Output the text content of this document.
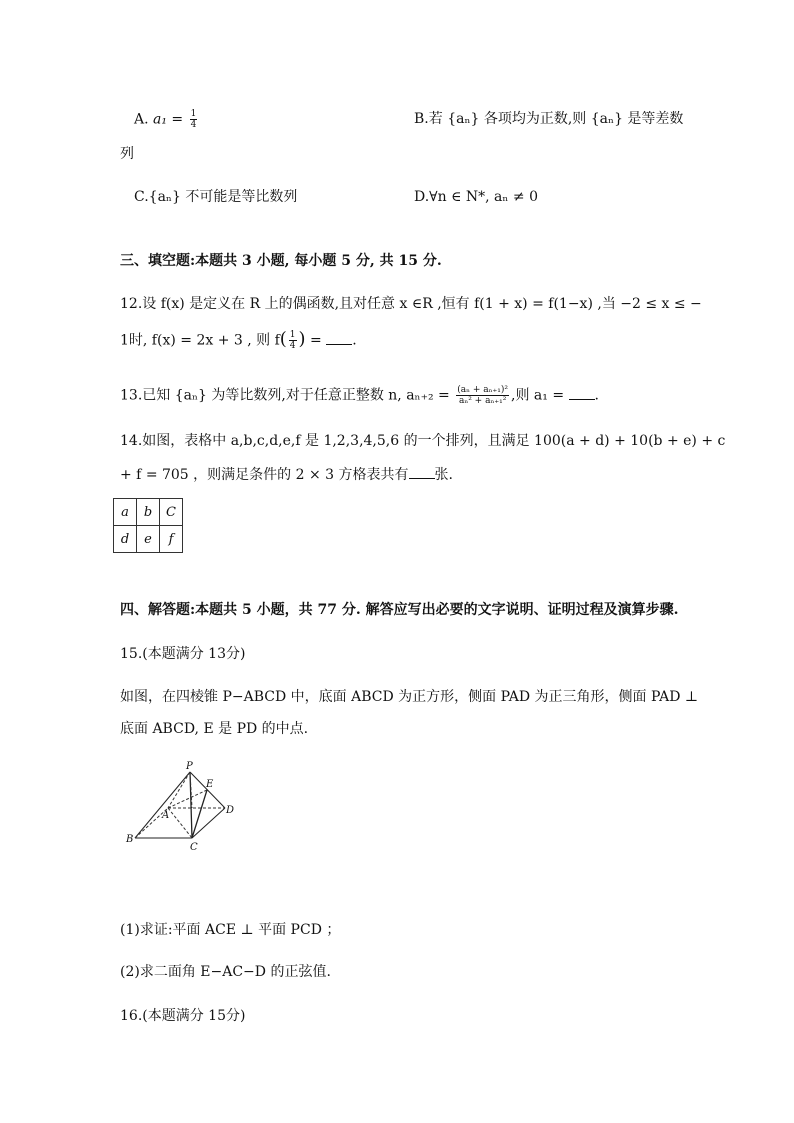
A. $a_1 = \frac{1}{4}$	B.若 {aₙ} 各项均为正数,则 {aₙ} 是等差数
列
C.{aₙ} 不可能是等比数列	D.∀n ∈ N*, aₙ ≠ 0
三、填空题:本题共 3 小题, 每小题 5 分, 共 15 分.
12.设 f(x) 是定义在 R 上的偶函数,且对任意 x ∈R ,恒有 f(1 + x) = f(1−x) ,当 −2 ≤ x ≤ −
1时, f(x) = 2x + 3 , 则 $f( \frac{1}{4}$ ) = .
13.已知 {aₙ} 为等比数列,对于任意正整数 n, $a_{n+2} = \frac{\text{(aₙ + aₙ₊₁)²}}{\text{aₙ² + aₙ₊₁²}}$ ,则 a₁ = .
14.如图，表格中 a,b,c,d,e,f 是 1,2,3,4,5,6 的一个排列，且满足 100(a + d) + 10(b + e) + c
+ f = 705 ，则满足条件的 2 × 3 方格表共有 张.
a	b	C
d	e	f
四、解答题:本题共 5 小题，共 77 分. 解答应写出必要的文字说明、证明过程及演算步骤.
15.(本题满分 13分)
如图，在四棱锥 P−ABCD 中，底面 ABCD 为正方形，侧面 PAD 为正三角形，侧面 PAD ⊥
底面 ABCD, E 是 PD 的中点.
P
E
D
A
B
C
(1)求证:平面 ACE ⊥ 平面 PCD ；
(2)求二面角 E−AC−D 的正弦值.
16.(本题满分 15分)
